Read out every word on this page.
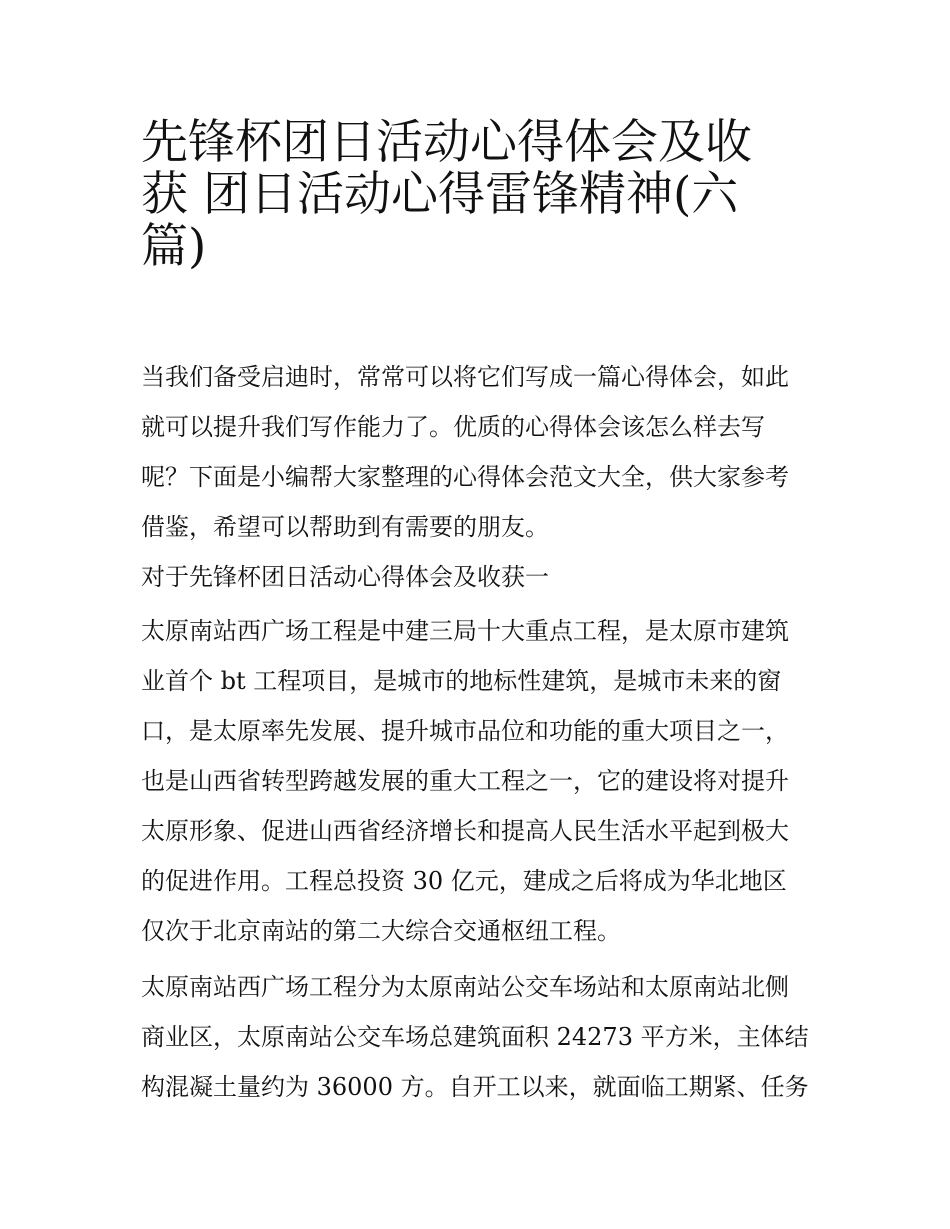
先锋杯团日活动心得体会及收
获 团日活动心得雷锋精神(六
篇)

当我们备受启迪时，常常可以将它们写成一篇心得体会，如此
就可以提升我们写作能力了。优质的心得体会该怎么样去写
呢？下面是小编帮大家整理的心得体会范文大全，供大家参考
借鉴，希望可以帮助到有需要的朋友。

对于先锋杯团日活动心得体会及收获一

太原南站西广场工程是中建三局十大重点工程，是太原市建筑
业首个 bt 工程项目，是城市的地标性建筑，是城市未来的窗
口，是太原率先发展、提升城市品位和功能的重大项目之一，
也是山西省转型跨越发展的重大工程之一，它的建设将对提升
太原形象、促进山西省经济增长和提高人民生活水平起到极大
的促进作用。工程总投资 30 亿元，建成之后将成为华北地区
仅次于北京南站的第二大综合交通枢纽工程。

太原南站西广场工程分为太原南站公交车场站和太原南站北侧
商业区，太原南站公交车场总建筑面积 24273 平方米，主体结
构混凝土量约为 36000 方。自开工以来，就面临工期紧、任务
